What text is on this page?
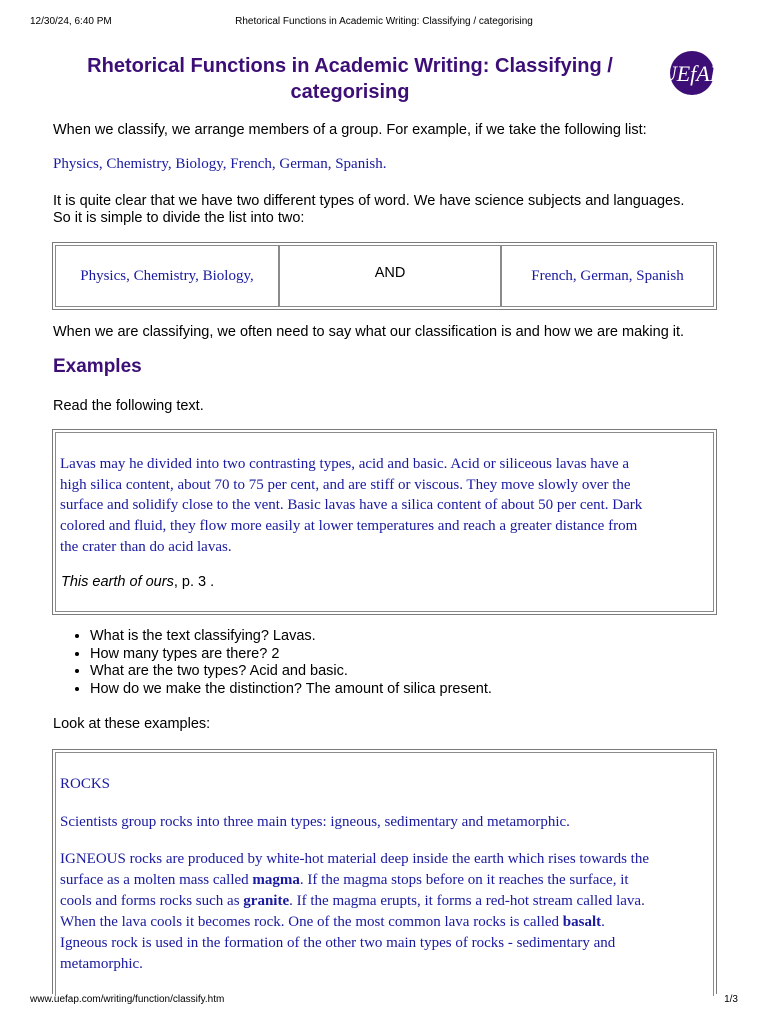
12/30/24, 6:40 PM	Rhetorical Functions in Academic Writing: Classifying / categorising
Rhetorical Functions in Academic Writing: Classifying /
categorising
UEfAP
When we classify, we arrange members of a group. For example, if we take the following list:
Physics, Chemistry, Biology, French, German, Spanish.
It is quite clear that we have two different types of word. We have science subjects and languages.
So it is simple to divide the list into two:
Physics, Chemistry, Biology,	AND	French, German, Spanish
When we are classifying, we often need to say what our classification is and how we are making it.
Examples
Read the following text.
Lavas may he divided into two contrasting types, acid and basic. Acid or siliceous lavas have a
high silica content, about 70 to 75 per cent, and are stiff or viscous. They move slowly over the
surface and solidify close to the vent. Basic lavas have a silica content of about 50 per cent. Dark
colored and fluid, they flow more easily at lower temperatures and reach a greater distance from
the crater than do acid lavas.
This earth of ours, p. 3 .
• What is the text classifying? Lavas.
• How many types are there? 2
• What are the two types? Acid and basic.
• How do we make the distinction? The amount of silica present.
Look at these examples:
ROCKS
Scientists group rocks into three main types: igneous, sedimentary and metamorphic.
IGNEOUS rocks are produced by white-hot material deep inside the earth which rises towards the
surface as a molten mass called magma. If the magma stops before on it reaches the surface, it
cools and forms rocks such as granite. If the magma erupts, it forms a red-hot stream called lava.
When the lava cools it becomes rock. One of the most common lava rocks is called basalt.
Igneous rock is used in the formation of the other two main types of rocks - sedimentary and
metamorphic.
www.uefap.com/writing/function/classify.htm	1/3
